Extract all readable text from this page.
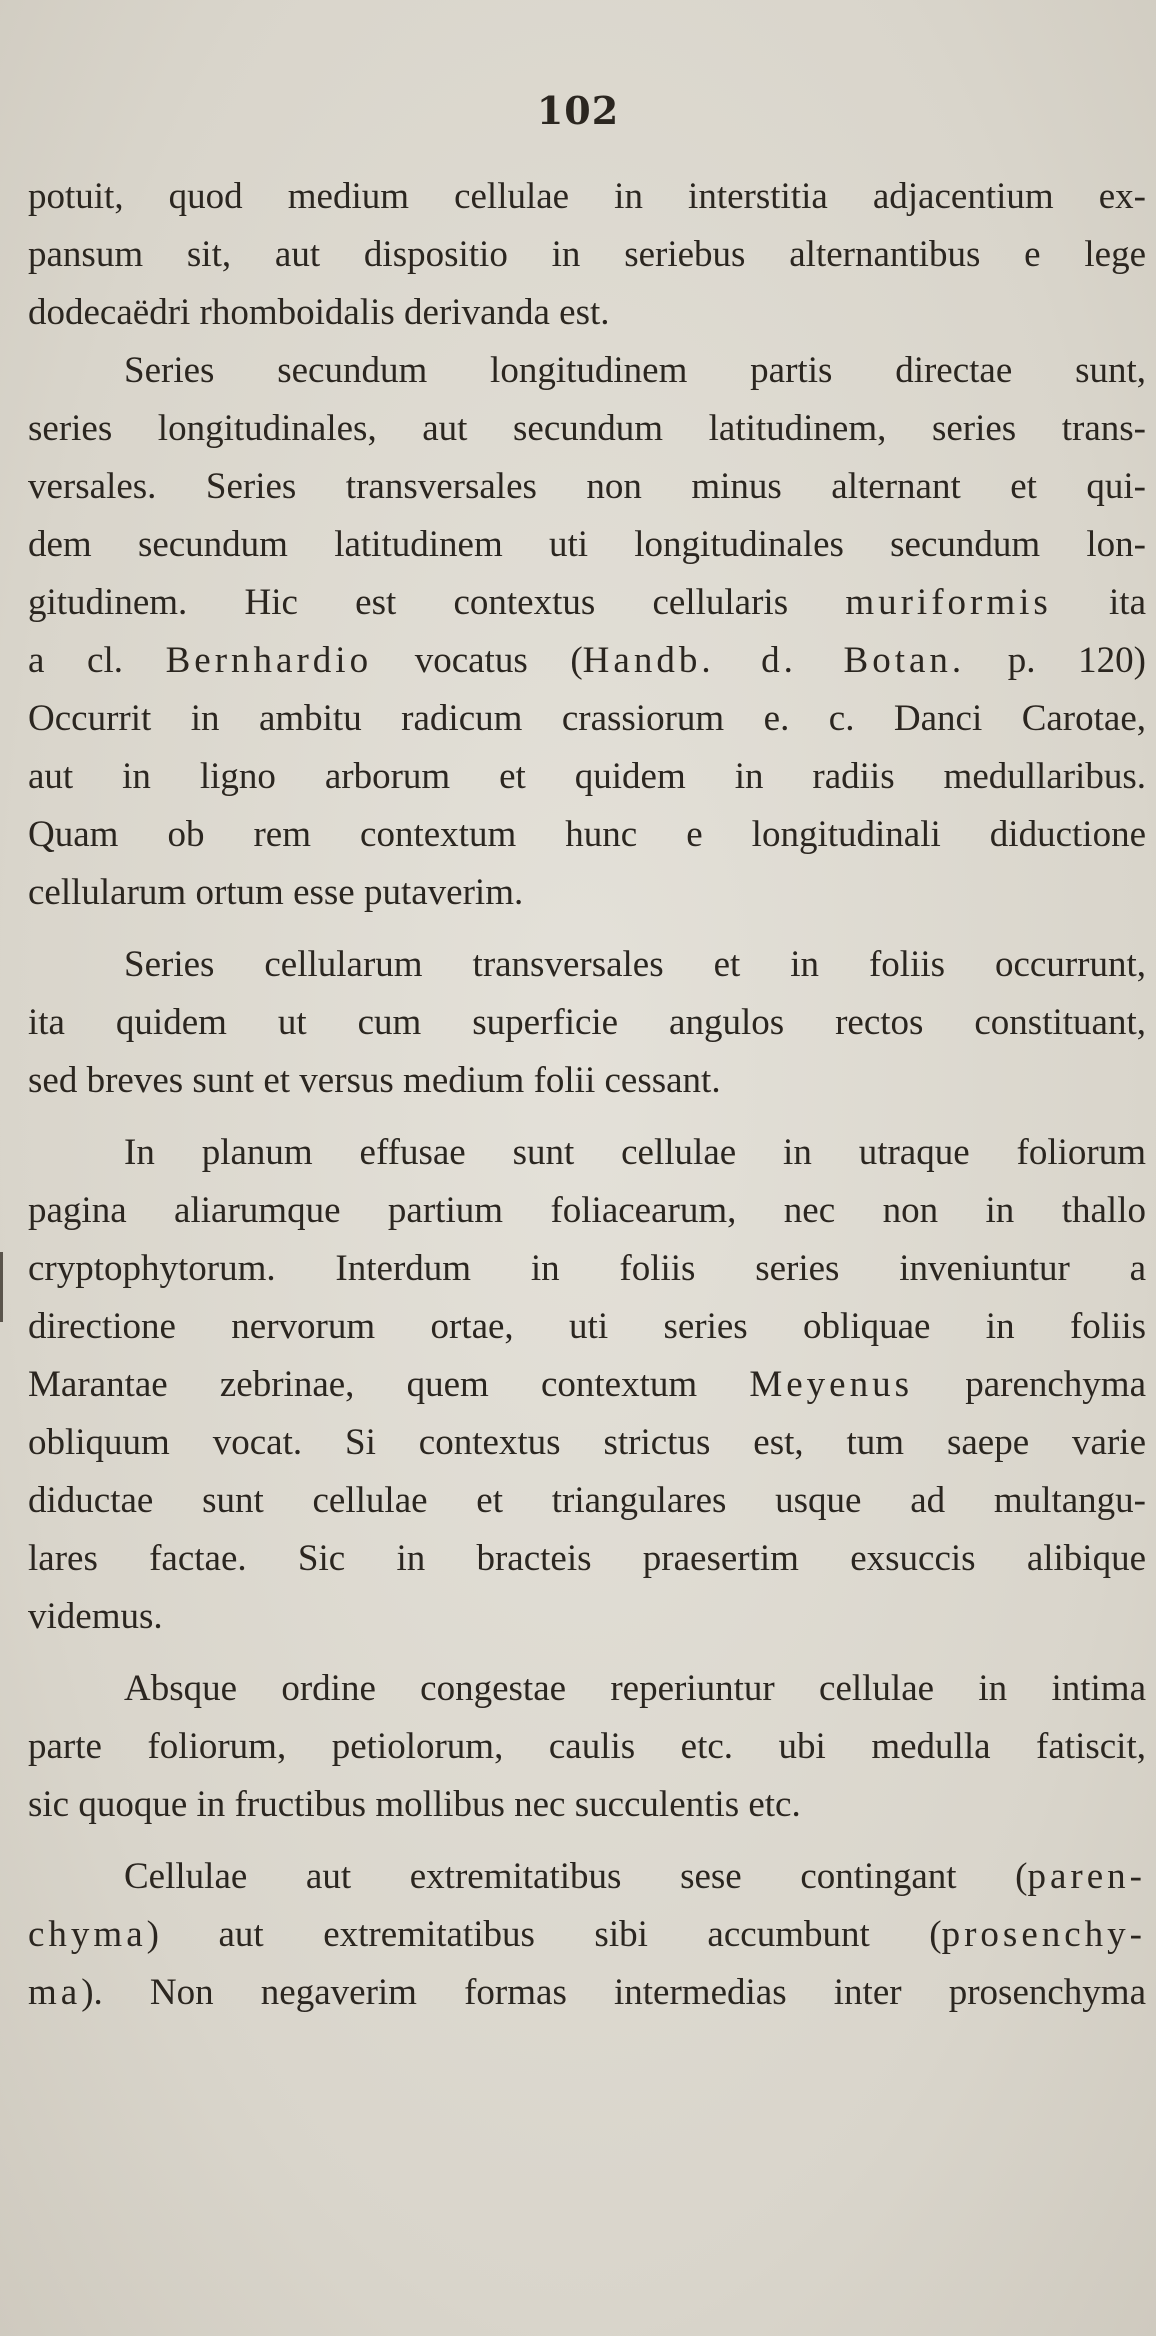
102
potuit, quod medium cellulae in interstitia adjacentium ex-
pansum sit, aut dispositio in seriebus alternantibus e lege
dodecaëdri rhomboidalis derivanda est.
Series secundum longitudinem partis directae sunt,
series longitudinales, aut secundum latitudinem, series trans-
versales. Series transversales non minus alternant et qui-
dem secundum latitudinem uti longitudinales secundum lon-
gitudinem. Hic est contextus cellularis muriformis ita
a cl. Bernhardio vocatus (Handb. d. Botan. p. 120)
Occurrit in ambitu radicum crassiorum e. c. Danci Carotae,
aut in ligno arborum et quidem in radiis medullaribus.
Quam ob rem contextum hunc e longitudinali diductione
cellularum ortum esse putaverim.
Series cellularum transversales et in foliis occurrunt,
ita quidem ut cum superficie angulos rectos constituant,
sed breves sunt et versus medium folii cessant.
In planum effusae sunt cellulae in utraque foliorum
pagina aliarumque partium foliacearum, nec non in thallo
cryptophytorum. Interdum in foliis series inveniuntur a
directione nervorum ortae, uti series obliquae in foliis
Marantae zebrinae, quem contextum Meyenus parenchyma
obliquum vocat. Si contextus strictus est, tum saepe varie
diductae sunt cellulae et triangulares usque ad multangu-
lares factae. Sic in bracteis praesertim exsuccis alibique
videmus.
Absque ordine congestae reperiuntur cellulae in intima
parte foliorum, petiolorum, caulis etc. ubi medulla fatiscit,
sic quoque in fructibus mollibus nec succulentis etc.
Cellulae aut extremitatibus sese contingant (paren-
chyma) aut extremitatibus sibi accumbunt (prosenchy-
ma). Non negaverim formas intermedias inter prosenchyma
